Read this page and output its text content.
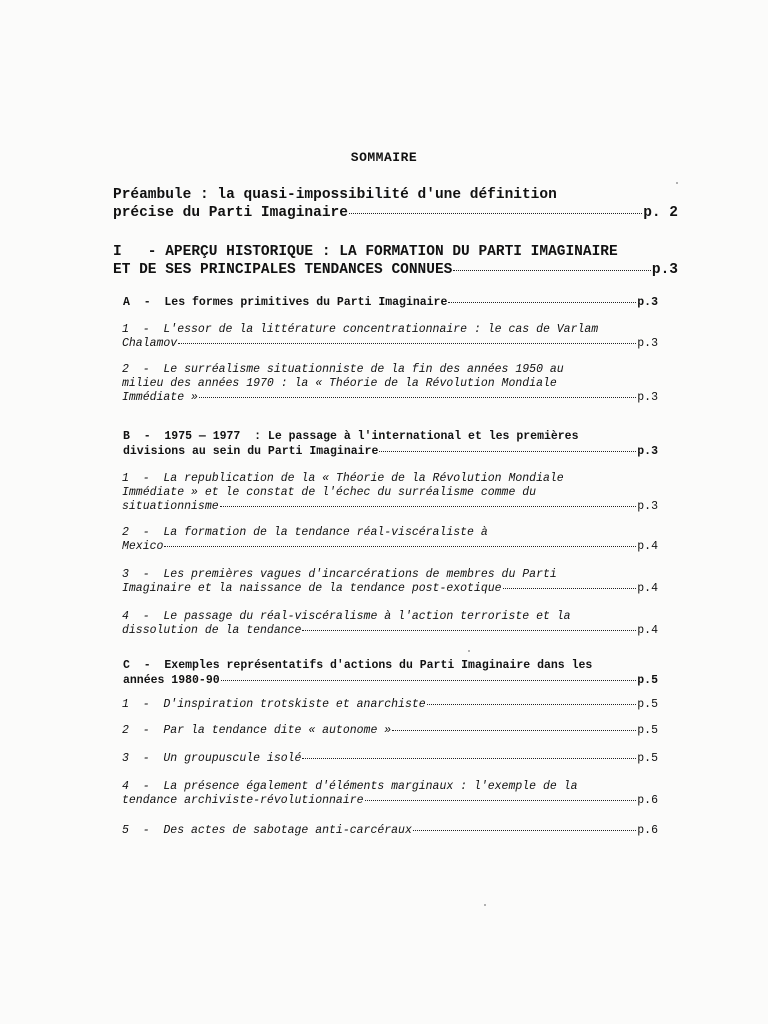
SOMMAIRE
Préambule : la quasi-impossibilité d'une définition
précise du Parti Imaginaire	p. 2
I   - APERÇU HISTORIQUE : LA FORMATION DU PARTI IMAGINAIRE
ET DE SES PRINCIPALES TENDANCES CONNUES	p.3
A  -  Les formes primitives du Parti Imaginaire	p.3
1  -  L'essor de la littérature concentrationnaire : le cas de Varlam
Chalamov	p.3
2  -  Le surréalisme situationniste de la fin des années 1950 au
milieu des années 1970 : la « Théorie de la Révolution Mondiale
Immédiate »	p.3
B  -  1975 — 1977  : Le passage à l'international et les premières
divisions au sein du Parti Imaginaire	p.3
1  -  La republication de la « Théorie de la Révolution Mondiale
Immédiate » et le constat de l'échec du surréalisme comme du
situationnisme	p.3
2  -  La formation de la tendance réal-viscéraliste à
Mexico	p.4
3  -  Les premières vagues d'incarcérations de membres du Parti
Imaginaire et la naissance de la tendance post-exotique	p.4
4  -  Le passage du réal-viscéralisme à l'action terroriste et la
dissolution de la tendance	p.4
C  -  Exemples représentatifs d'actions du Parti Imaginaire dans les
années 1980-90	p.5
1  -  D'inspiration trotskiste et anarchiste	p.5
2  -  Par la tendance dite « autonome »	p.5
3  -  Un groupuscule isolé	p.5
4  -  La présence également d'éléments marginaux : l'exemple de la
tendance archiviste-révolutionnaire	p.6
5  -  Des actes de sabotage anti-carcéraux	p.6
